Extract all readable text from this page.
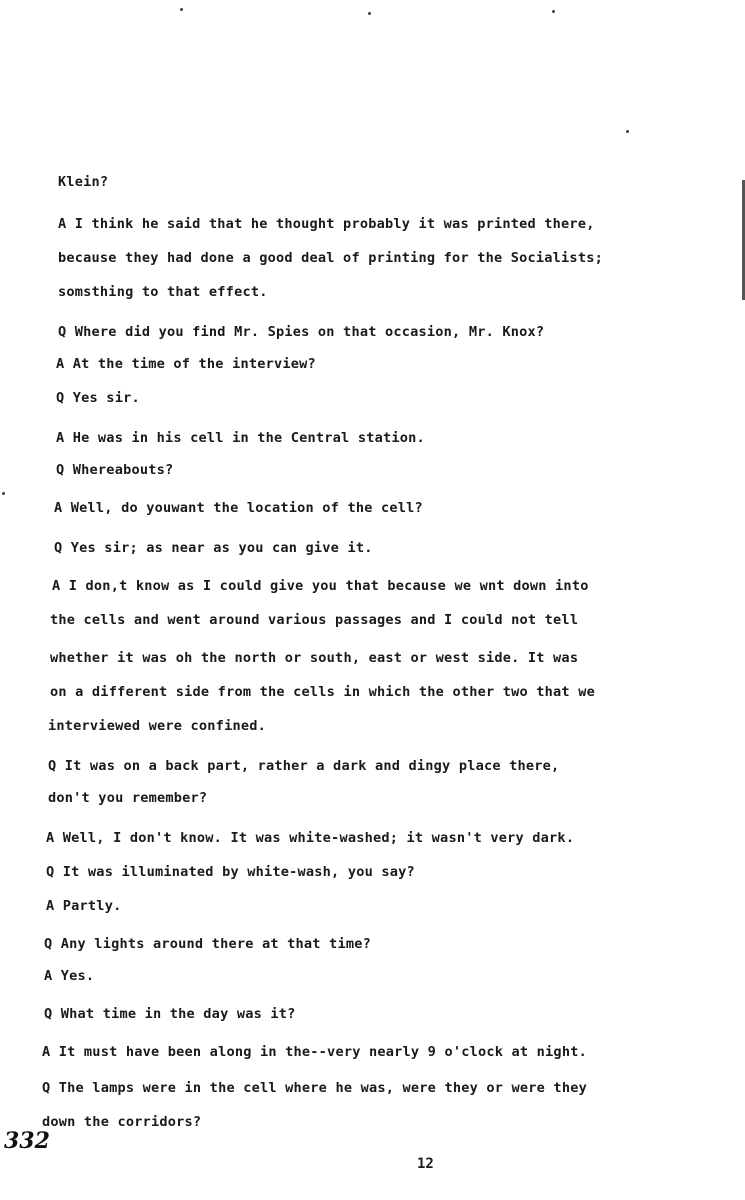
Klein?
A I think he said that he thought probably it was printed there,
because they had done a good deal of printing for the Socialists;
somsthing to that effect.
Q Where did you find Mr. Spies on that occasion, Mr. Knox?
A At the time of the interview?
Q Yes sir.
A He was in his cell in the Central station.
Q Whereabouts?
A Well, do youwant the location of the cell?
Q Yes sir; as near as you can give it.
A I don,t know as I could give you that because we wnt down into
the cells and went around various passages and I could not tell
whether it was oh the north or south, east or west side. It was
on a different side from the cells in which the other two that we
interviewed were confined.
Q It was on a back part, rather a dark and dingy place there,
don't you remember?
A Well, I don't know. It was white-washed; it wasn't very dark.
Q It was illuminated by white-wash, you say?
A Partly.
Q Any lights around there at that time?
A Yes.
Q What time in the day was it?
A It must have been along in the--very nearly 9 o'clock at night.
Q The lamps were in the cell where he was, were they or were they
down the corridors?
332
12
